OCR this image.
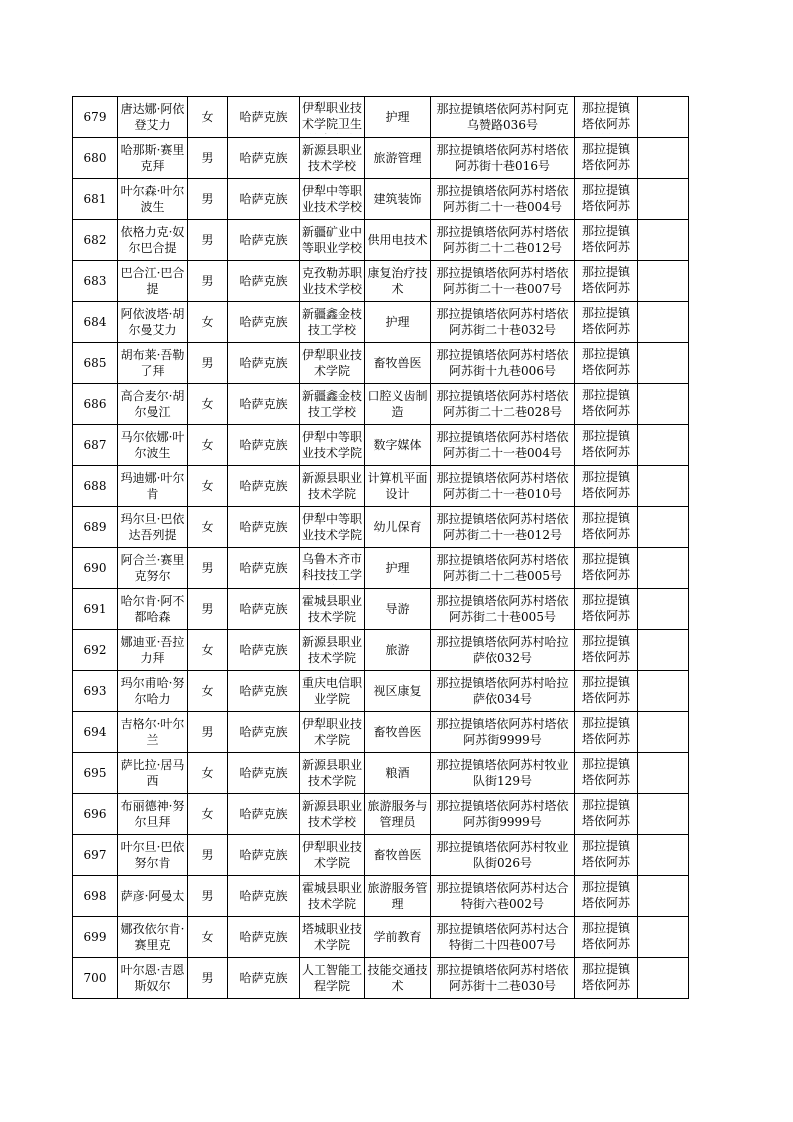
679	唐达娜·阿依登艾力	女	哈萨克族	伊犁职业技术学院卫生	护理	那拉提镇塔依阿苏村阿克乌赞路036号	那拉提镇塔依阿苏	

680	哈那斯·赛里克拜	男	哈萨克族	新源县职业技术学校	旅游管理	那拉提镇塔依阿苏村塔依阿苏街十巷016号	那拉提镇塔依阿苏	

681	叶尔森·叶尔波生	男	哈萨克族	伊犁中等职业技术学校	建筑装饰	那拉提镇塔依阿苏村塔依阿苏街二十一巷004号	那拉提镇塔依阿苏	

682	依格力克·奴尔巴合提	男	哈萨克族	新疆矿业中等职业学校	供用电技术	那拉提镇塔依阿苏村塔依阿苏街二十二巷012号	那拉提镇塔依阿苏	

683	巴合江·巴合提	男	哈萨克族	克孜勒苏职业技术学校	康复治疗技术	那拉提镇塔依阿苏村塔依阿苏街二十一巷007号	那拉提镇塔依阿苏	

684	阿依波塔·胡尔曼艾力	女	哈萨克族	新疆鑫金枝技工学校	护理	那拉提镇塔依阿苏村塔依阿苏街二十巷032号	那拉提镇塔依阿苏	

685	胡布莱·吾勒了拜	男	哈萨克族	伊犁职业技术学院	畜牧兽医	那拉提镇塔依阿苏村塔依阿苏街十九巷006号	那拉提镇塔依阿苏	

686	高合麦尔·胡尔曼江	女	哈萨克族	新疆鑫金枝技工学校	口腔义齿制造	那拉提镇塔依阿苏村塔依阿苏街二十二巷028号	那拉提镇塔依阿苏	

687	马尔依娜·叶尔波生	女	哈萨克族	伊犁中等职业技术学院	数字媒体	那拉提镇塔依阿苏村塔依阿苏街二十一巷004号	那拉提镇塔依阿苏	

688	玛迪娜·叶尔肯	女	哈萨克族	新源县职业技术学院	计算机平面设计	那拉提镇塔依阿苏村塔依阿苏街二十一巷010号	那拉提镇塔依阿苏	

689	玛尔旦·巴依达吾列提	女	哈萨克族	伊犁中等职业技术学院	幼儿保育	那拉提镇塔依阿苏村塔依阿苏街二十一巷012号	那拉提镇塔依阿苏	

690	阿合兰·赛里克努尔	男	哈萨克族	乌鲁木齐市科技技工学	护理	那拉提镇塔依阿苏村塔依阿苏街二十二巷005号	那拉提镇塔依阿苏	

691	哈尔肯·阿不都哈森	男	哈萨克族	霍城县职业技术学院	导游	那拉提镇塔依阿苏村塔依阿苏街二十巷005号	那拉提镇塔依阿苏	

692	娜迪亚·吾拉力拜	女	哈萨克族	新源县职业技术学院	旅游	那拉提镇塔依阿苏村哈拉萨依032号	那拉提镇塔依阿苏	

693	玛尔甫哈·努尔哈力	女	哈萨克族	重庆电信职业学院	视区康复	那拉提镇塔依阿苏村哈拉萨依034号	那拉提镇塔依阿苏	

694	吉格尔·叶尔兰	男	哈萨克族	伊犁职业技术学院	畜牧兽医	那拉提镇塔依阿苏村塔依阿苏街9999号	那拉提镇塔依阿苏	

695	萨比拉·居马西	女	哈萨克族	新源县职业技术学院	粮酒	那拉提镇塔依阿苏村牧业队街129号	那拉提镇塔依阿苏	

696	布丽德神·努尔旦拜	女	哈萨克族	新源县职业技术学校	旅游服务与管理员	那拉提镇塔依阿苏村塔依阿苏街9999号	那拉提镇塔依阿苏	

697	叶尔旦·巴依努尔肯	男	哈萨克族	伊犁职业技术学院	畜牧兽医	那拉提镇塔依阿苏村牧业队街026号	那拉提镇塔依阿苏	

698	萨彦·阿曼太	男	哈萨克族	霍城县职业技术学院	旅游服务管理	那拉提镇塔依阿苏村达合特街六巷002号	那拉提镇塔依阿苏	

699	娜孜依尔肯·赛里克	女	哈萨克族	塔城职业技术学院	学前教育	那拉提镇塔依阿苏村达合特街二十四巷007号	那拉提镇塔依阿苏	

700	叶尔恩·吉恩斯奴尔	男	哈萨克族	人工智能工程学院	技能交通技术	那拉提镇塔依阿苏村塔依阿苏街十二巷030号	那拉提镇塔依阿苏	
